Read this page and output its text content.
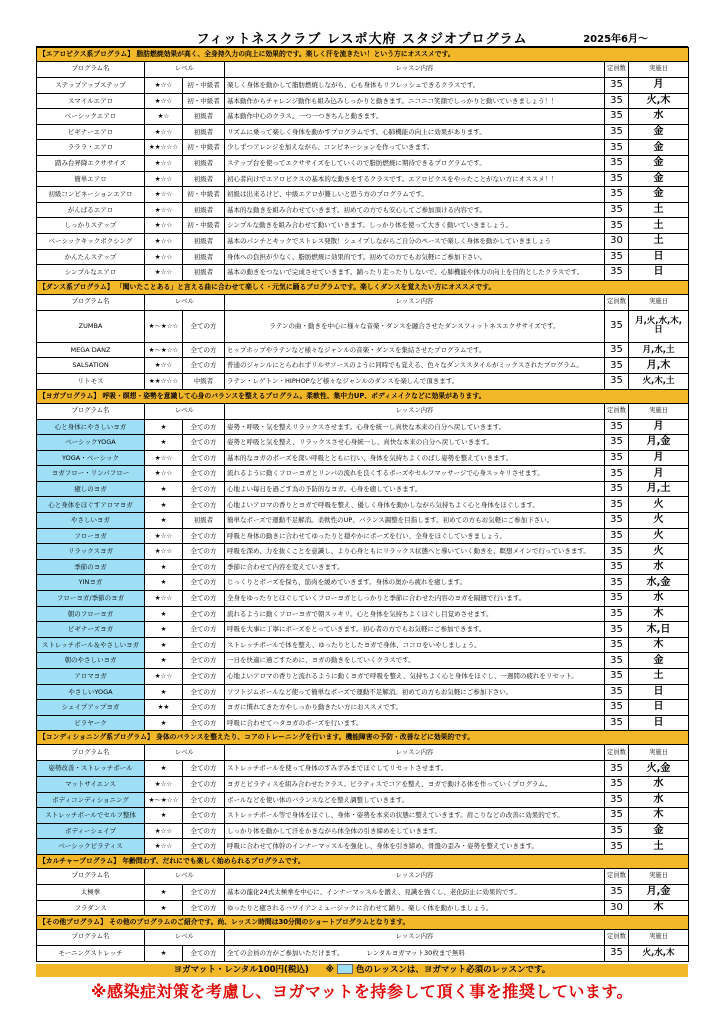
フィットネスクラブ レスポ大府 スタジオプログラム	2025年6月～
【エアロビクス系プログラム】 脂肪燃焼効果が高く、全身持久力の向上に効果的です。楽しく汗を流きたい！という方にオススメです。					
プログラム名	レベル		レッスン内容	定員数	実施日
ステップアップステップ	★☆☆	初・中級者	楽しく身体を動かして脂肪燃焼しながら、心も身体もリフレッシュできるクラスです。	35	月
スマイルエアロ	★☆☆	初・中級者	基本動作からチャレンジ動作も組み込みしっかりと動きます。ニコニコ笑顔でしっかりと動いていきましょう！！	35	火,木
ベーシックエアロ	★☆	初級者	基本動作中心のクラス。一つ一つきちんと動きます。	35	水
ビギナーエアロ	★☆☆	初級者	リズムに乗って楽しく身体を動かすプログラムです。心肺機能の向上に効果があります。	35	金
ラララ・エアロ	★★☆☆☆	初・中級者	少しずつアレンジを加えながら、コンビネーションを作っていきます。	35	金
踏み台昇降エクササイズ	★☆☆	初級者	ステップ台を使ってエクササイズをしていくので脂肪燃焼に期待できるプログラムです。	35	金
簡単エアロ	★☆☆	初級者	初心者向けでエアロビクスの基本的な動きをするクラスです。エアロビクスをやったことがない方にオススメ！！	35	金
初級コンビネーションエアロ	★☆☆	初・中級者	初級は出来るけど、中級エアロが難しいと思う方のプログラムです。	35	金
がんばるエアロ	★☆☆	初級者	基本的な動きを組み合わせていきます。初めての方でも安心してご参加頂ける内容です。	35	土
しっかりステップ	★☆☆	初・中級者	シンプルな動きを組み合わせて動いていきます。しっかり体を使って大きく動いていきましょう。	35	土
ベーシックキックボクシング	★☆☆	初級者	基本のパンチとキックでストレス発散！シェイプしながらご自分のペースで楽しく身体を動かしていきましょう	30	土
かんたんステップ	★☆☆	初級者	身体への負担が少なく、脂肪燃焼に効果的です。初めての方でもお気軽にご参加下さい。	35	日
シンプルなエアロ	★☆☆	初級者	基本の動きをつないで完成させていきます。踊ったり走ったりしないで、心肺機能や体力の向上を目的としたクラスです。	35	日
【ダンス系プログラム】 「聞いたことある」と言える曲に合わせて楽しく・元気に踊るプログラムです。楽しくダンスを覚えたい方にオススメです。					
プログラム名	レベル		レッスン内容	定員数	実施日
ZUMBA	★～★☆☆	全ての方	ラテンの曲・動きを中心に様々な音楽・ダンスを融合させたダンスフィットネスエクササイズです。	35	月,火,水,木,日
MEGA DANZ	★～★☆☆	全ての方	ヒップホップやラテンなど様々なジャンルの音楽・ダンスを集結させたプログラムです。	35	月,水,土
SALSATION	★☆☆	全ての方	普通のジャンルにとらわれずリルサソースのように同時でも覚える、色々なダンススタイルがミックスされたプログラム。	35	月,木
リトモス	★★☆☆☆	中級者	ラテン・レゲトン・HIPHOPなど様々なジャンルのダンスを楽しんで頂きます。	35	火,木,土
【ヨガプログラム】 呼吸・瞑想・姿勢を意識して心身のバランスを整えるプログラム。柔軟性、集中力UP、ボディメイクなどに効果があります。					
プログラム名	レベル		レッスン内容	定員数	実施日
心と身体にやさしいヨガ	★	全ての方	姿勢・呼吸・気を整えリラックスさせます。心身を統一し真快な本来の自分へ戻していきます。	35	月
ベーシックYOGA	★	全ての方	姿勢と呼吸と気を整え、リラックスさせ心身統一し、真快な本来の自分へ戻していきます。	35	月,金
YOGA・ベーシック	★☆☆	全ての方	基本的なヨガのポーズを深い呼吸とともに行い、身体を気持ちよくのばし姿勢を整えていきます。	35	月
ヨガフロー・リンパフロー	★☆☆	全ての方	流れるように動くフローヨガとリンパの流れを良くするポーズやセルフマッサージで心身スッキリさせます。	35	月
癒しのヨガ	★	全ての方	心地よい毎日を過ごす為の予防的なヨガ。心身を癒していきます。	35	月,土
心と身体をほぐすアロマヨガ	★	全ての方	心地よいアロマの香りとヨガで呼吸を整え、優しく身体を動かしながら気持ちよく心と身体をほぐします。	35	火
やさしいヨガ	★	初級者	簡単なポーズで運動不足解消。柔軟性のUP、バランス調整を目指します。初めての方もお気軽にご参加下さい。	35	火
フローヨガ	★☆☆	全ての方	呼吸と身体の動きに合わせてゆったりと穏やかにポーズを行い、全身をほぐしていきましょう。	35	火
リラックスヨガ	★☆☆	全ての方	呼吸を深め、力を抜くことを意識し、より心身ともにリラックス状態へと導いていく動きを、瞑想メインで行っていきます。	35	火
季節のヨガ	★	全ての方	季節に合わせて内容を変えていきます。	35	水
YINヨガ	★	全ての方	じっくりとポーズを保ち、筋肉を緩めていきます。身体の奥から疲れを癒します。	35	水,金
フローヨガ/季節のヨガ	★☆☆	全ての方	全身をゆったりとほぐしていくフローヨガとしっかりと季節に合わせた内容のヨガを隔週で行います。	35	水
朝のフローヨガ	★	全ての方	流れるように動くフローヨガで朝スッキリ。心と身体を気持ちよくほぐし目覚めさせます。	35	木
ビギナーズヨガ	★	全ての方	呼吸を大事に丁寧にポーズをとっていきます。初心者の方でもお気軽にご参加できます。	35	木,日
ストレッチポール＆やさしいヨガ	★	全ての方	ストレッチポールで体を整え、ゆったりとしたヨガで身体、ココロをいやしましょう。	35	木
朝のやさしいヨガ	★	全ての方	一日を快適に過ごすために、ヨガの動きをしていくクラスです。	35	金
アロマヨガ	★☆☆	全ての方	心地よいアロマの香りと流れるように動くヨガで呼吸を整え、気持ちよく心と身体をほぐし、一週間の疲れをリセット。	35	土
やさしいYOGA	★	全ての方	ソフトジムボールなど使って簡単なポーズで運動不足解消。初めての方もお気軽にご参加下さい。	35	日
シェイプアップヨガ	★★	全ての方	ヨガに慣れてきた方やしっかり動きたい方におススメです。	35	日
ピラヤーク	★	全ての方	呼吸に合わせてハタヨガのポーズを行います。	35	日
【コンディショニング系プログラム】 身体のバランスを整えたり、コアのトレーニングを行います。機能障害の予防・改善などに効果的です。					
プログラム名	レベル		レッスン内容	定員数	実施日
姿勢改善・ストレッチポール	★	全ての方	ストレッチポールを使って身体のすみずみまでほぐしてリセットさせます。	35	火,金
マットサイエンス	★☆☆	全ての方	ヨガとピラティスを組み合わせたクラス。ピラティスでコアを整え、ヨガで動ける体を作っていくプログラム。	35	水
ボディコンディショニング	★～★☆☆	全ての方	ボールなどを使い体のバランスなどを整え調整していきます。	35	水
ストレッチポールでセルフ整体	★	全ての方	ストレッチポール等で身体をほぐし、身体・姿勢を本来の状態に整えていきます。肩こりなどの改善に効果的です。	35	木
ボディーシェイプ	★☆☆	全ての方	しっかり体を動かして汗をかきながら体全体の引き締めをしていきます。	35	金
ベーシックピラティス	★☆☆	全ての方	呼吸に合わせて体幹のインナーマッスルを強化し、身体を引き締め、骨盤の歪み・姿勢を整えていきます。	35	土
【カルチャープログラム】 年齢問わず、だれにでも楽しく始められるプログラムです。					
プログラム名	レベル		レッスン内容	定員数	実施日
太極拳	★	全ての方	基本の龍化24式太極拳を中心に、インナーマッスルを鍛え、見識を強くし、老化防止に効果的です。	35	月,金
フラダンス	★	全ての方	ゆったりと癒されるハワイアンミュージックに合わせて踊り、楽しく体を動かしましょう。	30	木
【その他プログラム】 その他のプログラムのご紹介です。尚、レッスン時間は30分間のショートプログラムとなります。					
プログラム名	レベル		レッスン内容	定員数	実施日
モーニングストレッチ	★	全ての方	全ての会員の方がご参加いただけます。　　　　レンタルヨガマット30枚まで無料	35	火,水,木
ヨガマット・レンタル100円(税込)　　※	色のレッスンは、ヨガマット必須のレッスンです。
※感染症対策を考慮し、ヨガマットを持参して頂く事を推奨しています。
